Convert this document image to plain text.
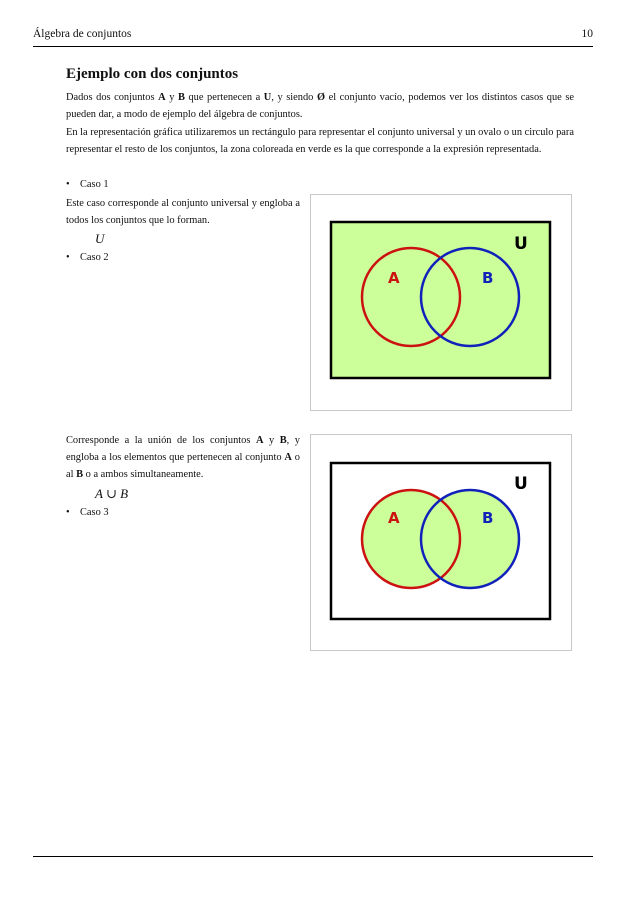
Álgebra de conjuntos	10
Ejemplo con dos conjuntos
Dados dos conjuntos A y B que pertenecen a U, y siendo Ø el conjunto vacío, podemos ver los distintos casos que se pueden dar, a modo de ejemplo del álgebra de conjuntos.
En la representación gráfica utilizaremos un rectángulo para representar el conjunto universal y un ovalo o un circulo para representar el resto de los conjuntos, la zona coloreada en verde es la que corresponde a la expresión representada.
• Caso 1
Este caso corresponde al conjunto universal y engloba a todos los conjuntos que lo forman.
U
• Caso 2
U
A	B
Corresponde a la unión de los conjuntos A y B, y engloba a los elementos que pertenecen al conjunto A o al B o a ambos simultaneamente.
A ∪ B
• Caso 3
U
A	B
